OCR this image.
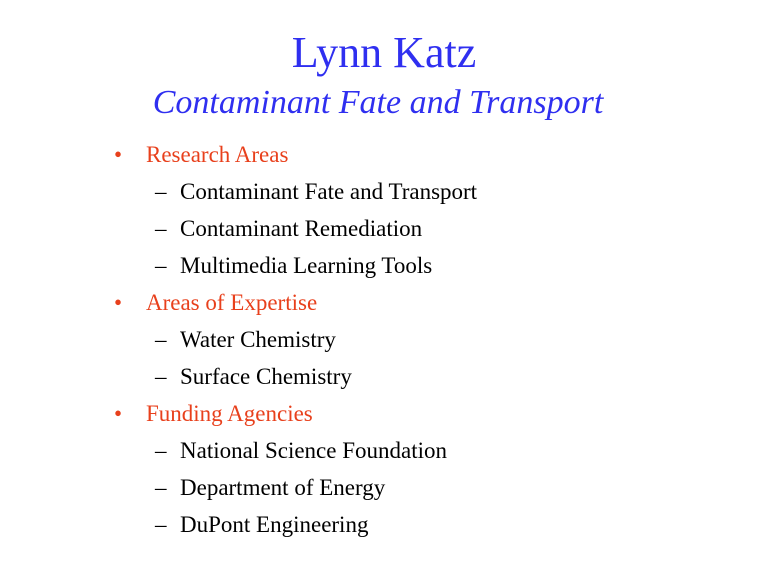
Lynn Katz
Contaminant Fate and Transport
• Research Areas
– Contaminant Fate and Transport
– Contaminant Remediation
– Multimedia Learning Tools
• Areas of Expertise
– Water Chemistry
– Surface Chemistry
• Funding Agencies
– National Science Foundation
– Department of Energy
– DuPont Engineering
